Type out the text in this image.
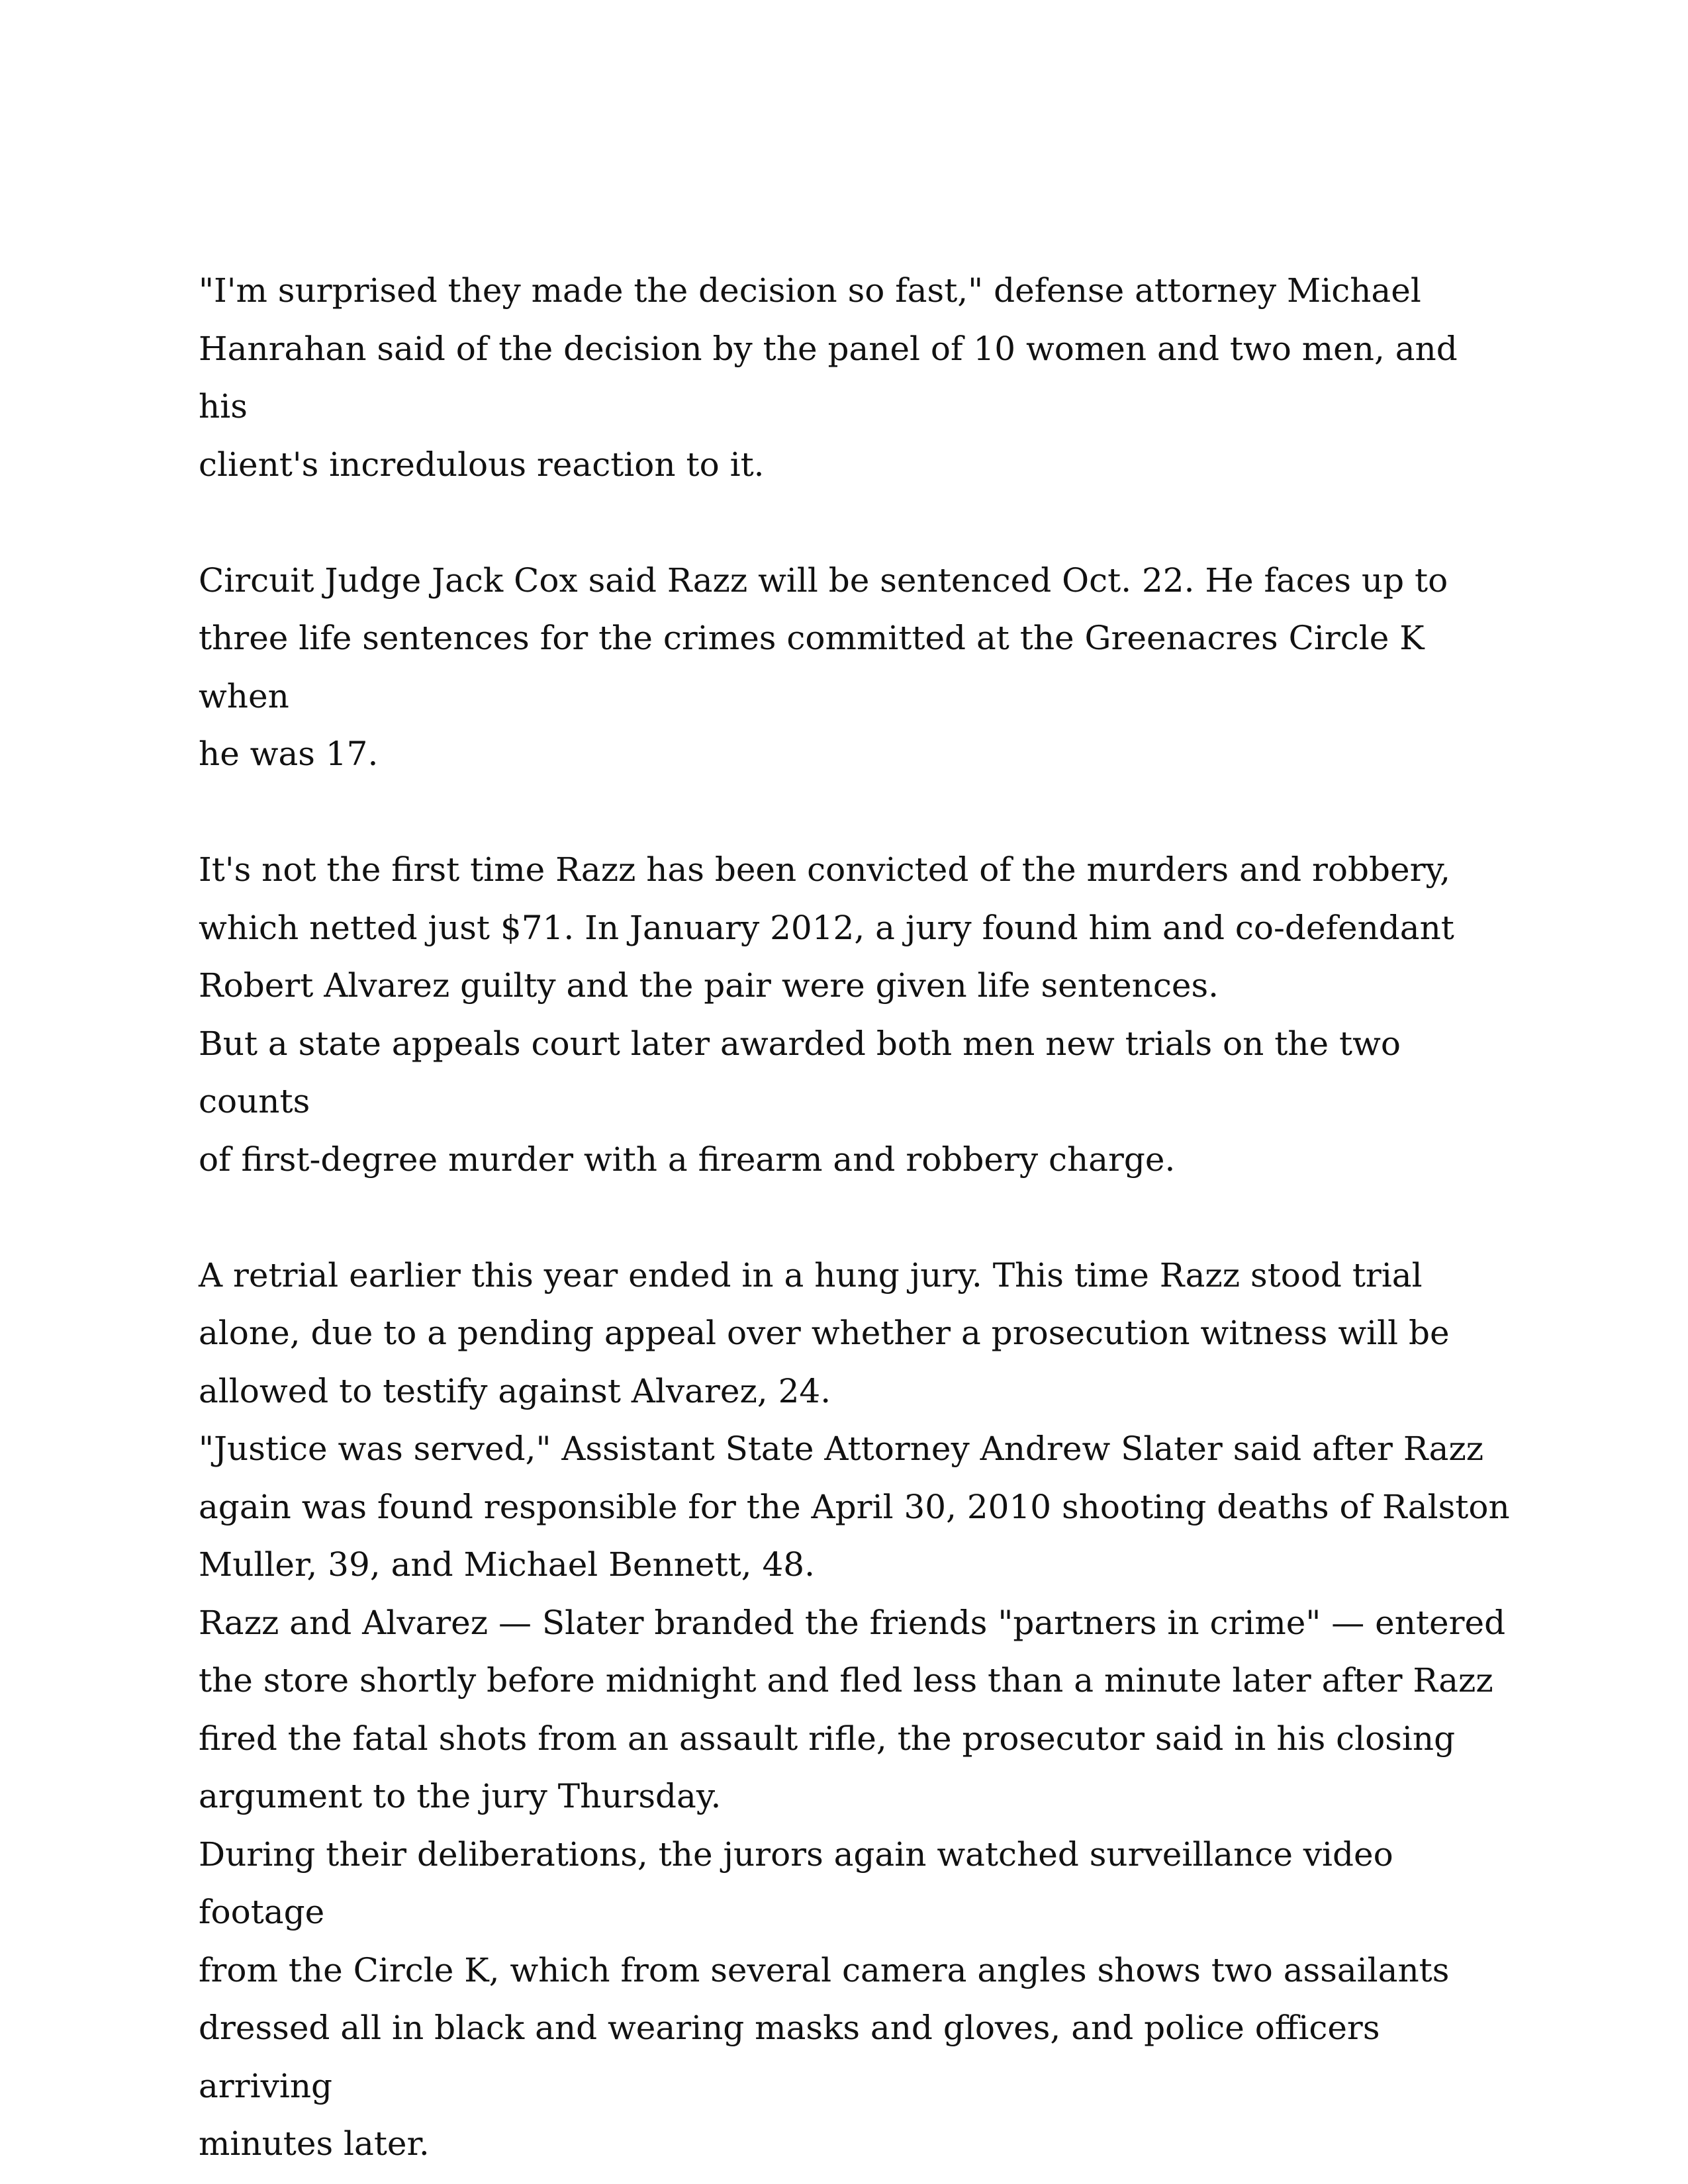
"I'm surprised they made the decision so fast," defense attorney Michael
Hanrahan said of the decision by the panel of 10 women and two men, and his
client's incredulous reaction to it.
Circuit Judge Jack Cox said Razz will be sentenced Oct. 22. He faces up to
three life sentences for the crimes committed at the Greenacres Circle K when
he was 17.
It's not the first time Razz has been convicted of the murders and robbery,
which netted just $71. In January 2012, a jury found him and co-defendant
Robert Alvarez guilty and the pair were given life sentences.
But a state appeals court later awarded both men new trials on the two counts
of first-degree murder with a firearm and robbery charge.
A retrial earlier this year ended in a hung jury. This time Razz stood trial
alone, due to a pending appeal over whether a prosecution witness will be
allowed to testify against Alvarez, 24.
"Justice was served," Assistant State Attorney Andrew Slater said after Razz
again was found responsible for the April 30, 2010 shooting deaths of Ralston
Muller, 39, and Michael Bennett, 48.
Razz and Alvarez — Slater branded the friends "partners in crime" — entered
the store shortly before midnight and fled less than a minute later after Razz
fired the fatal shots from an assault rifle, the prosecutor said in his closing
argument to the jury Thursday.
During their deliberations, the jurors again watched surveillance video footage
from the Circle K, which from several camera angles shows two assailants
dressed all in black and wearing masks and gloves, and police officers arriving
minutes later.
